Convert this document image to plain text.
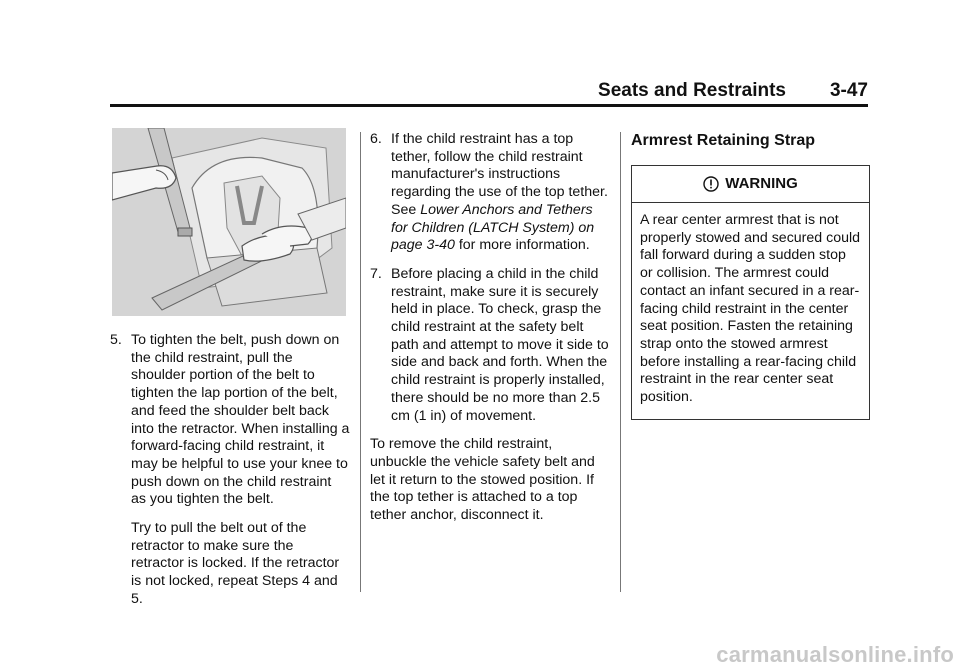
Seats and Restraints 3-47
5. To tighten the belt, push down on the child restraint, pull the shoulder portion of the belt to tighten the lap portion of the belt, and feed the shoulder belt back into the retractor. When installing a forward-facing child restraint, it may be helpful to use your knee to push down on the child restraint as you tighten the belt.
Try to pull the belt out of the retractor to make sure the retractor is locked. If the retractor is not locked, repeat Steps 4 and 5.
6. If the child restraint has a top tether, follow the child restraint manufacturer's instructions regarding the use of the top tether. See Lower Anchors and Tethers for Children (LATCH System) on page 3-40 for more information.
7. Before placing a child in the child restraint, make sure it is securely held in place. To check, grasp the child restraint at the safety belt path and attempt to move it side to side and back and forth. When the child restraint is properly installed, there should be no more than 2.5 cm (1 in) of movement.
To remove the child restraint, unbuckle the vehicle safety belt and let it return to the stowed position. If the top tether is attached to a top tether anchor, disconnect it.
Armrest Retaining Strap
WARNING
A rear center armrest that is not properly stowed and secured could fall forward during a sudden stop or collision. The armrest could contact an infant secured in a rear-facing child restraint in the center seat position. Fasten the retaining strap onto the stowed armrest before installing a rear-facing child restraint in the rear center seat position.
carmanualsonline.info
